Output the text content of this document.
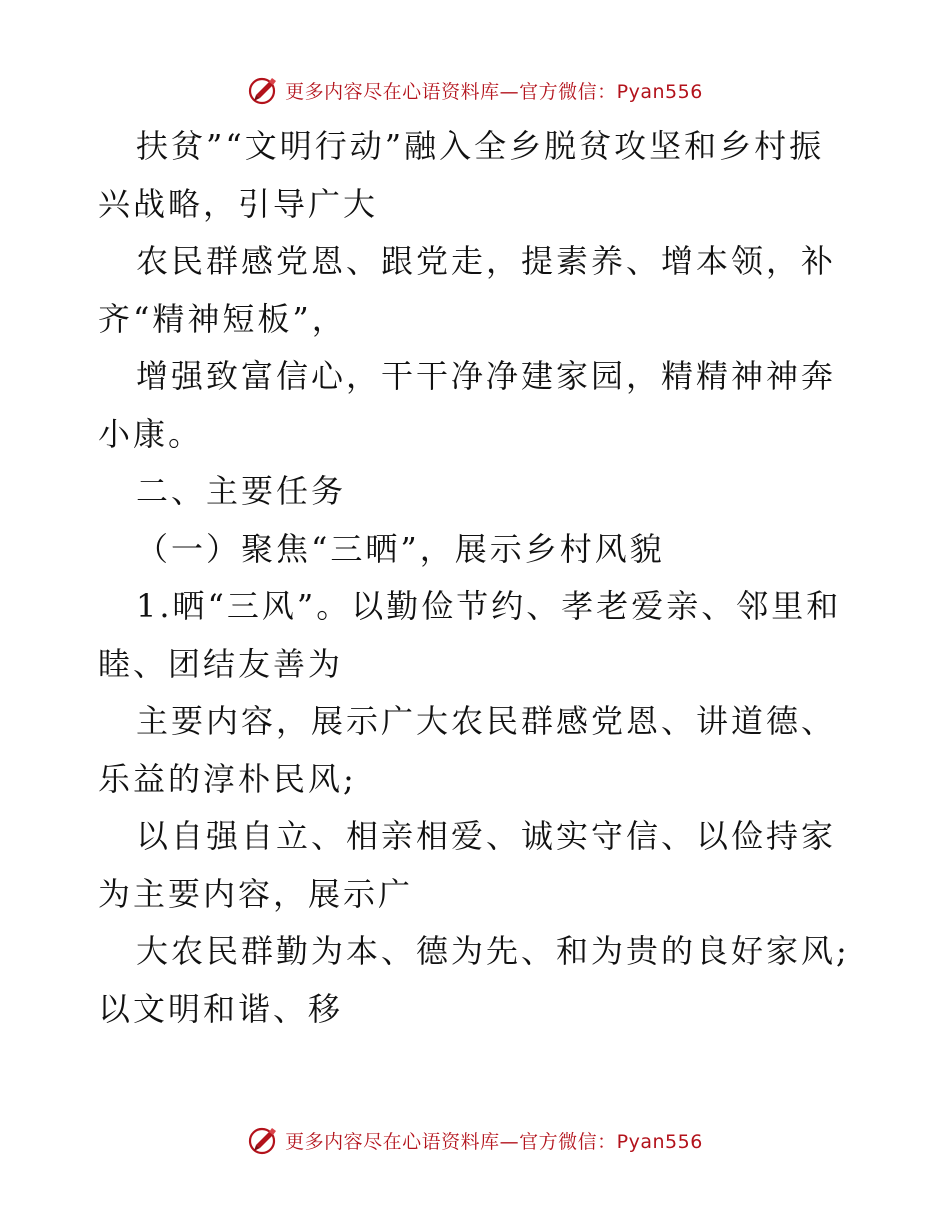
更多内容尽在心语资料库—官方微信：Pyan556

扶贫”“文明行动”融入全乡脱贫攻坚和乡村振兴战略，引导广大

农民群感党恩、跟党走，提素养、增本领，补齐“精神短板”，

增强致富信心，干干净净建家园，精精神神奔小康。

二、主要任务

（一）聚焦“三晒”，展示乡村风貌

1.晒“三风”。以勤俭节约、孝老爱亲、邻里和睦、团结友善为

主要内容，展示广大农民群感党恩、讲道德、乐益的淳朴民风;

以自强自立、相亲相爱、诚实守信、以俭持家为主要内容，展示广

大农民群勤为本、德为先、和为贵的良好家风;以文明和谐、移

更多内容尽在心语资料库—官方微信：Pyan556
